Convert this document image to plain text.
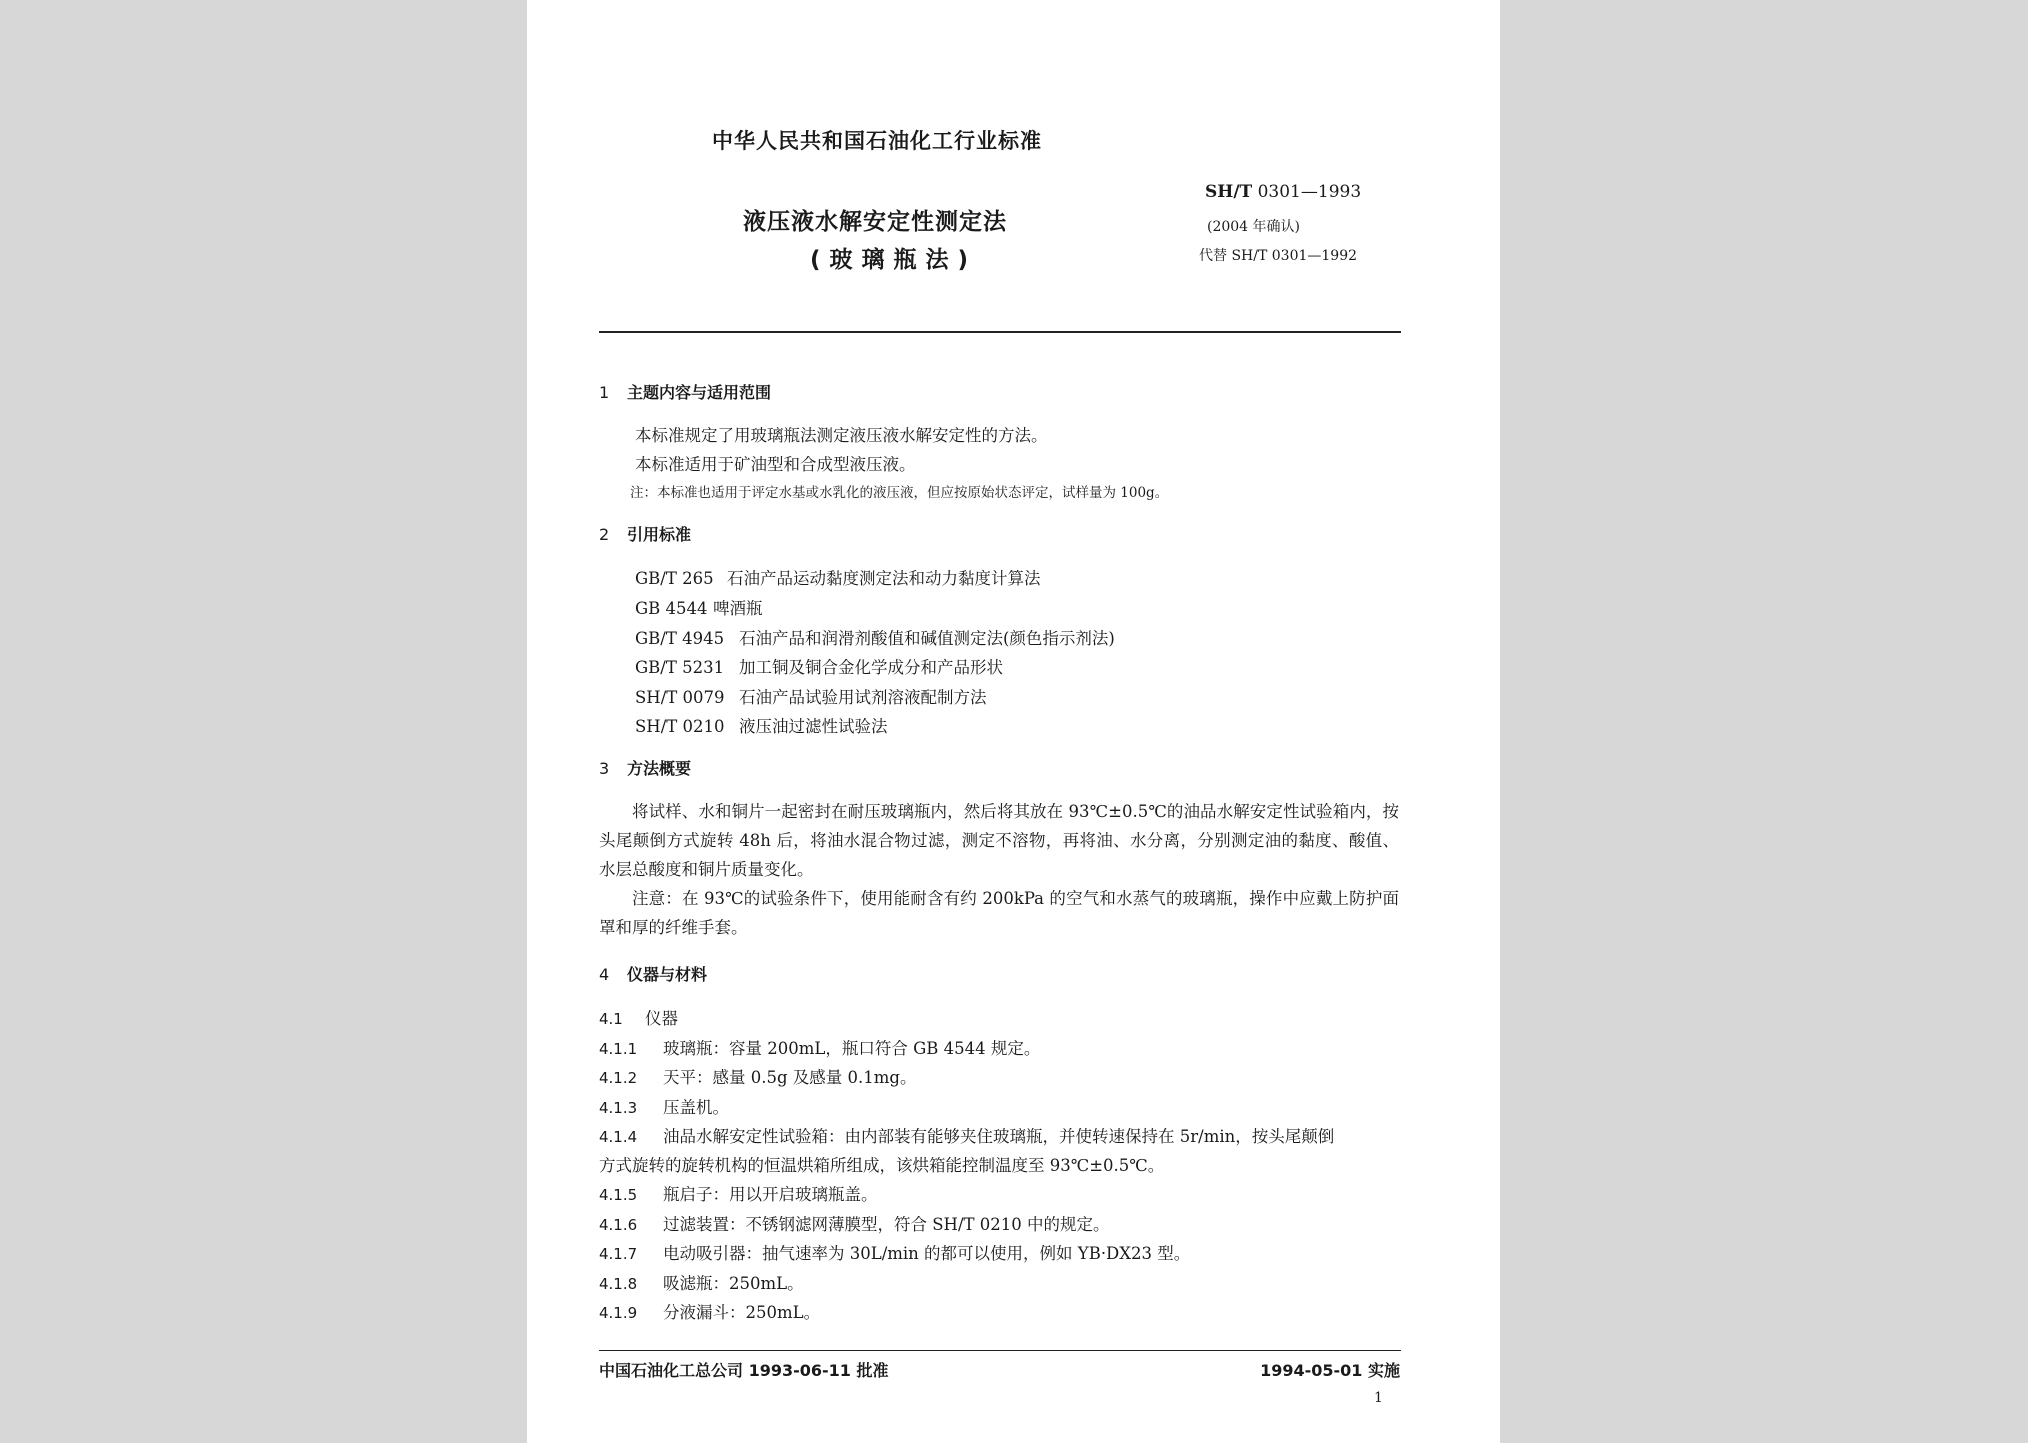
中华人民共和国石油化工行业标准

液压液水解安定性测定法

(玻璃瓶法)

SH/T 0301—1993

(2004 年确认)

代替 SH/T 0301—1992

1 主题内容与适用范围

本标准规定了用玻璃瓶法测定液压液水解安定性的方法。

本标准适用于矿油型和合成型液压液。

注：本标准也适用于评定水基或水乳化的液压液，但应按原始状态评定，试样量为 100g。

2 引用标准

GB/T 265 石油产品运动黏度测定法和动力黏度计算法

GB 4544 啤酒瓶

GB/T 4945 石油产品和润滑剂酸值和碱值测定法(颜色指示剂法)

GB/T 5231 加工铜及铜合金化学成分和产品形状

SH/T 0079 石油产品试验用试剂溶液配制方法

SH/T 0210 液压油过滤性试验法

3 方法概要

将试样、水和铜片一起密封在耐压玻璃瓶内，然后将其放在 93℃±0.5℃的油品水解安定性试验箱内，按头尾颠倒方式旋转 48h 后，将油水混合物过滤，测定不溶物，再将油、水分离，分别测定油的黏度、酸值、水层总酸度和铜片质量变化。

注意：在 93℃的试验条件下，使用能耐含有约 200kPa 的空气和水蒸气的玻璃瓶，操作中应戴上防护面罩和厚的纤维手套。

4 仪器与材料

4.1 仪器

4.1.1 玻璃瓶：容量 200mL，瓶口符合 GB 4544 规定。

4.1.2 天平：感量 0.5g 及感量 0.1mg。

4.1.3 压盖机。

4.1.4 油品水解安定性试验箱：由内部装有能够夹住玻璃瓶，并使转速保持在 5r/min，按头尾颠倒

方式旋转的旋转机构的恒温烘箱所组成，该烘箱能控制温度至 93℃±0.5℃。

4.1.5 瓶启子：用以开启玻璃瓶盖。

4.1.6 过滤装置：不锈钢滤网薄膜型，符合 SH/T 0210 中的规定。

4.1.7 电动吸引器：抽气速率为 30L/min 的都可以使用，例如 YB·DX23 型。

4.1.8 吸滤瓶：250mL。

4.1.9 分液漏斗：250mL。

中国石油化工总公司 1993-06-11 批准	1994-05-01 实施

1
